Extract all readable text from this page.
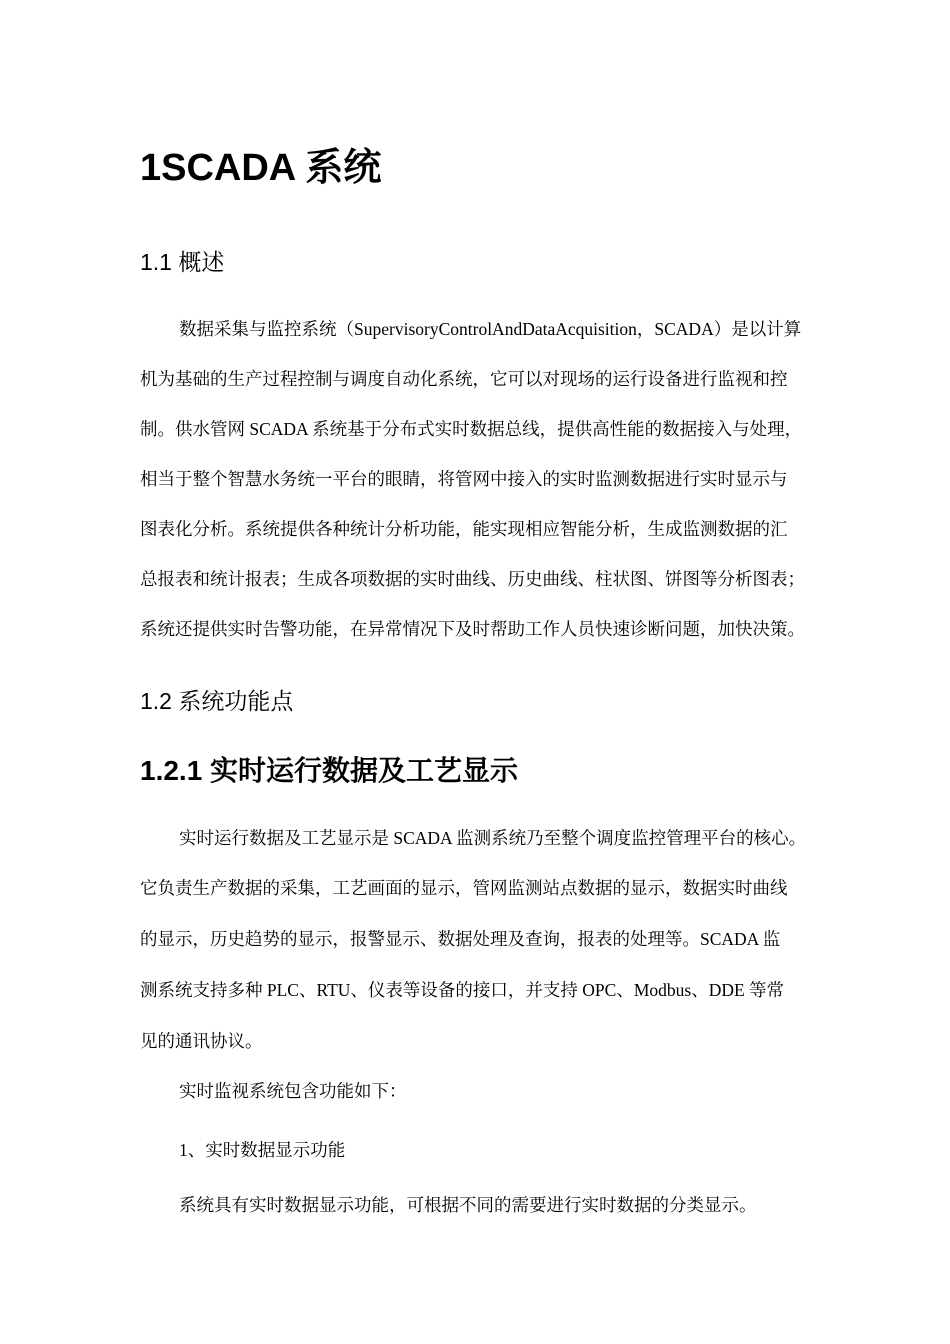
1SCADA 系统
1.1 概述
数据采集与监控系统（SupervisoryControlAndDataAcquisition，SCADA）是以计算
机为基础的生产过程控制与调度自动化系统，它可以对现场的运行设备进行监视和控
制。供水管网 SCADA 系统基于分布式实时数据总线，提供高性能的数据接入与处理，
相当于整个智慧水务统一平台的眼睛，将管网中接入的实时监测数据进行实时显示与
图表化分析。系统提供各种统计分析功能，能实现相应智能分析，生成监测数据的汇
总报表和统计报表；生成各项数据的实时曲线、历史曲线、柱状图、饼图等分析图表；
系统还提供实时告警功能，在异常情况下及时帮助工作人员快速诊断问题，加快决策。
1.2 系统功能点
1.2.1 实时运行数据及工艺显示
实时运行数据及工艺显示是 SCADA 监测系统乃至整个调度监控管理平台的核心。
它负责生产数据的采集，工艺画面的显示，管网监测站点数据的显示，数据实时曲线
的显示，历史趋势的显示，报警显示、数据处理及查询，报表的处理等。SCADA 监
测系统支持多种 PLC、RTU、仪表等设备的接口，并支持 OPC、Modbus、DDE 等常
见的通讯协议。
实时监视系统包含功能如下：
1、实时数据显示功能
系统具有实时数据显示功能，可根据不同的需要进行实时数据的分类显示。
